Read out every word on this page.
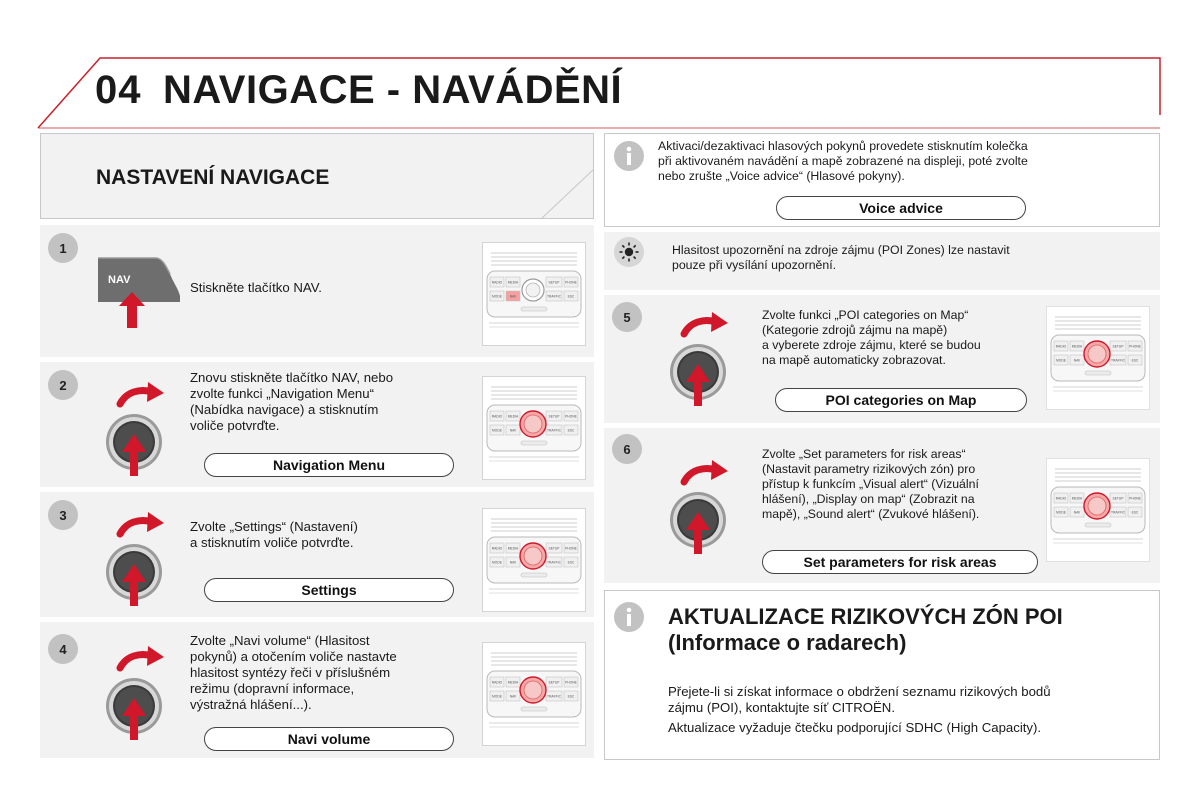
04 NAVIGACE - NAVÁDĚNÍ
NASTAVENÍ NAVIGACE
1
NAV	Stiskněte tlačítko NAV.	RADIO MEDIA
MODE NAV
SETUP PHONE
TRAFFIC ESC
2	Znovu stiskněte tlačítko NAV, nebo
zvolte funkci „Navigation Menu“
(Nabídka navigace) a stisknutím
voliče potvrďte.
Navigation Menu
RADIO MEDIA
MODE NAV
SETUP PHONE
TRAFFIC ESC
3
Zvolte „Settings“ (Nastavení)
a stisknutím voliče potvrďte.
Settings
RADIO MEDIA
MODE NAV
SETUP PHONE
TRAFFIC ESC
4
Zvolte „Navi volume“ (Hlasitost
pokynů) a otočením voliče nastavte
hlasitost syntézy řeči v příslušném
režimu (dopravní informace,
výstražná hlášení...).
Navi volume
RADIO MEDIA
MODE NAV
SETUP PHONE
TRAFFIC ESC
Aktivaci/dezaktivaci hlasových pokynů provedete stisknutím kolečka
při aktivovaném navádění a mapě zobrazené na displeji, poté zvolte
nebo zrušte „Voice advice“ (Hlasové pokyny).
Voice advice
Hlasitost upozornění na zdroje zájmu (POI Zones) lze nastavit
pouze při vysílání upozornění.
5	Zvolte funkci „POI categories on Map“
(Kategorie zdrojů zájmu na mapě)
a vyberete zdroje zájmu, které se budou
na mapě automaticky zobrazovat.
POI categories on Map
RADIO MEDIA
MODE NAV
SETUP PHONE
TRAFFIC ESC
6	Zvolte „Set parameters for risk areas“
(Nastavit parametry rizikových zón) pro
přístup k funkcím „Visual alert“ (Vizuální
hlášení), „Display on map“ (Zobrazit na
mapě), „Sound alert“ (Zvukové hlášení).
Set parameters for risk areas
RADIO MEDIA
MODE NAV
SETUP PHONE
TRAFFIC ESC
AKTUALIZACE RIZIKOVÝCH ZÓN POI
(Informace o radarech)
Přejete-li si získat informace o obdržení seznamu rizikových bodů
zájmu (POI), kontaktujte síť CITROËN.
Aktualizace vyžaduje čtečku podporující SDHC (High Capacity).
